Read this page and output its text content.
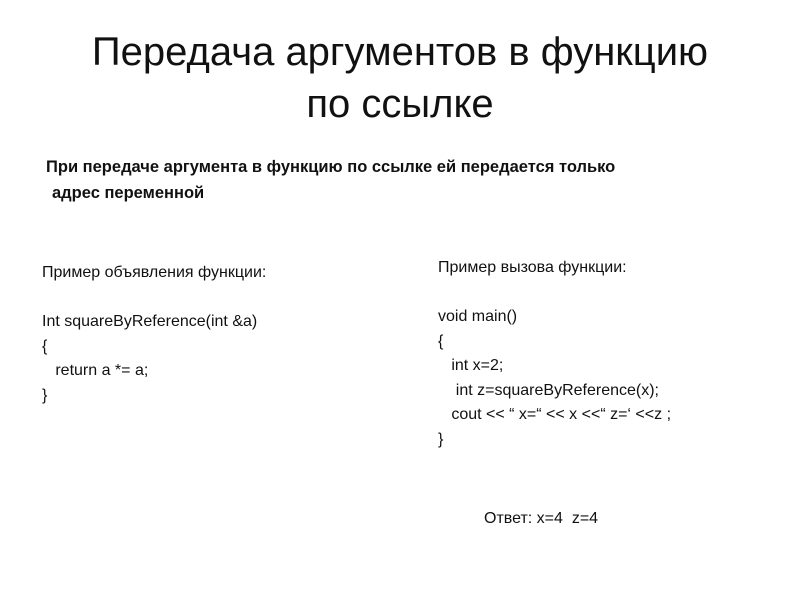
Передача аргументов в функцию
по ссылке

При передаче аргумента в функцию по ссылке ей передается только
адрес переменной

Пример объявления функции:
Int squareByReference(int &a)
{
return a *= a;
}
Пример вызова функции:
void main()
{
int x=2;
int z=squareByReference(x);
cout << “ x=“ << x <<“ z=‘ <<z ;
}
Ответ: x=4  z=4
